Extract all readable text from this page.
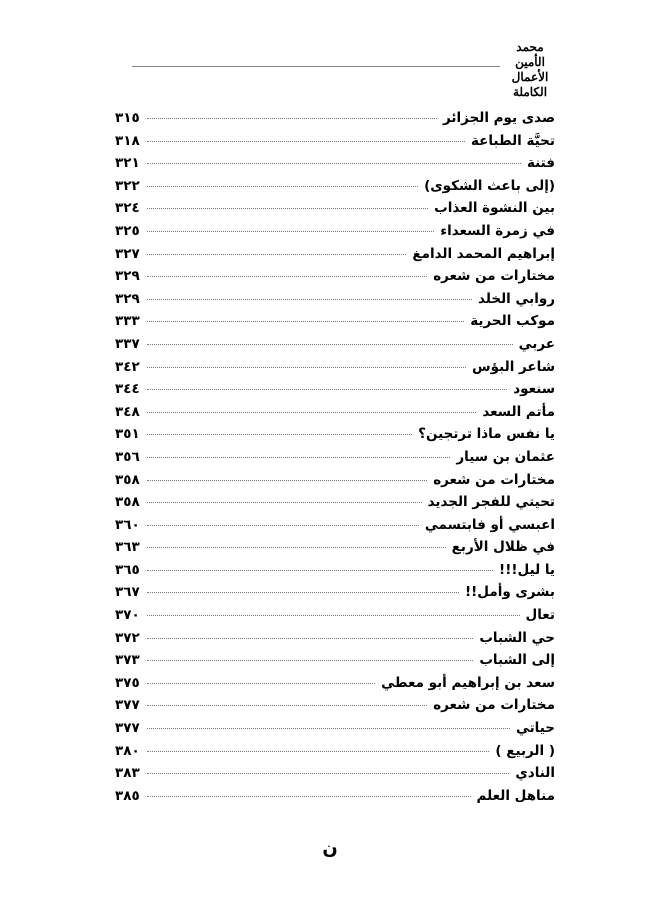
محمد الأمين
الأعمال الكاملة
صدى يوم الجزائر
٣١٥
تحيَّة الطباعة
٣١٨
فتنة
٣٢١
(إلى باعث الشكوى)
٣٢٢
بين النشوة العذاب
٣٢٤
في زمرة السعداء
٣٢٥
إبراهيم المحمد الدامغ
٣٢٧
مختارات من شعره
٣٢٩
روابي الخلد
٣٢٩
موكب الحرية
٣٣٣
عربي
٣٣٧
شاعر البؤس
٣٤٢
سنعود
٣٤٤
مأتم السعد
٣٤٨
يا نفس ماذا ترتجين؟
٣٥١
عثمان بن سيار
٣٥٦
مختارات من شعره
٣٥٨
تحيتي للفجر الجديد
٣٥٨
اعبسي أو فابتسمي
٣٦٠
في ظلال الأربع
٣٦٣
يا ليل!!!
٣٦٥
بشرى وأمل!!
٣٦٧
تعال
٣٧٠
حي الشباب
٣٧٢
إلى الشباب
٣٧٣
سعد بن إبراهيم أبو معطي
٣٧٥
مختارات من شعره
٣٧٧
حياتي
٣٧٧
( الربيع )
٣٨٠
النادي
٣٨٣
مناهل العلم
٣٨٥
ن
